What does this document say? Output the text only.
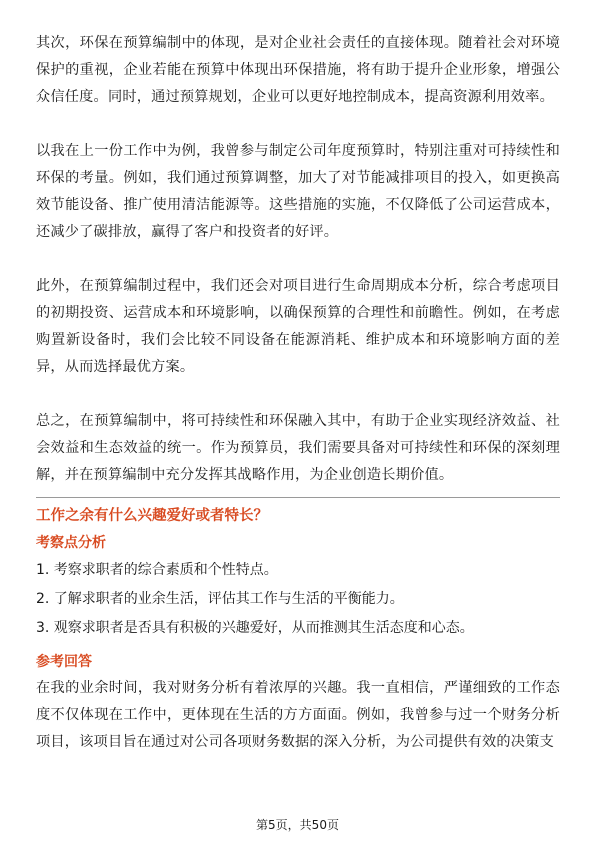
其次，环保在预算编制中的体现，是对企业社会责任的直接体现。随着社会对环境保护的重视，企业若能在预算中体现出环保措施，将有助于提升企业形象，增强公众信任度。同时，通过预算规划，企业可以更好地控制成本，提高资源利用效率。

以我在上一份工作中为例，我曾参与制定公司年度预算时，特别注重对可持续性和环保的考量。例如，我们通过预算调整，加大了对节能减排项目的投入，如更换高效节能设备、推广使用清洁能源等。这些措施的实施，不仅降低了公司运营成本，还减少了碳排放，赢得了客户和投资者的好评。

此外，在预算编制过程中，我们还会对项目进行生命周期成本分析，综合考虑项目的初期投资、运营成本和环境影响，以确保预算的合理性和前瞻性。例如，在考虑购置新设备时，我们会比较不同设备在能源消耗、维护成本和环境影响方面的差异，从而选择最优方案。

总之，在预算编制中，将可持续性和环保融入其中，有助于企业实现经济效益、社会效益和生态效益的统一。作为预算员，我们需要具备对可持续性和环保的深刻理解，并在预算编制中充分发挥其战略作用，为企业创造长期价值。

工作之余有什么兴趣爱好或者特长？
考察点分析
1. 考察求职者的综合素质和个性特点。
2. 了解求职者的业余生活，评估其工作与生活的平衡能力。
3. 观察求职者是否具有积极的兴趣爱好，从而推测其生活态度和心态。
参考回答

在我的业余时间，我对财务分析有着浓厚的兴趣。我一直相信，严谨细致的工作态度不仅体现在工作中，更体现在生活的方方面面。例如，我曾参与过一个财务分析项目，该项目旨在通过对公司各项财务数据的深入分析，为公司提供有效的决策支

第5页，共50页
